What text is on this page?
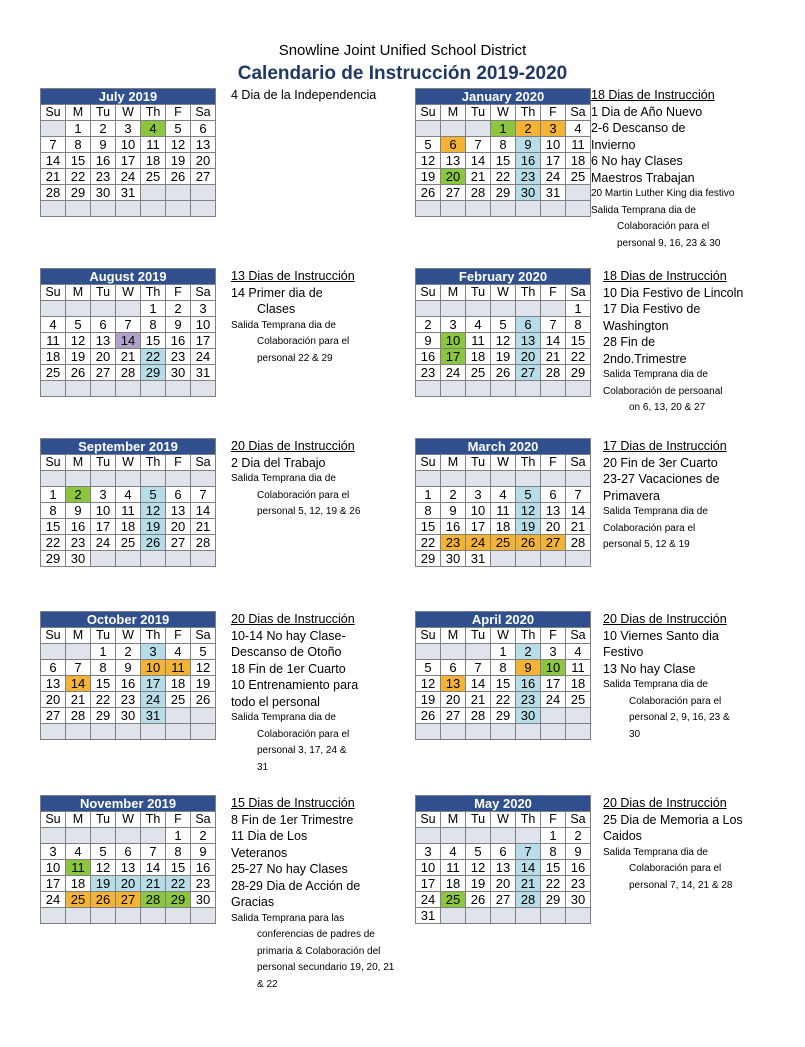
Snowline Joint Unified School District
Calendario de Instrucción 2019-2020
July 2019						
Su	M	Tu	W	Th	F	Sa
	1	2	3	4	5	6
7	8	9	10	11	12	13
14	15	16	17	18	19	20
21	22	23	24	25	26	27
28	29	30	31			

August 2019						
Su	M	Tu	W	Th	F	Sa
				1	2	3
4	5	6	7	8	9	10
11	12	13	14	15	16	17
18	19	20	21	22	23	24
25	26	27	28	29	30	31

September 2019						
Su	M	Tu	W	Th	F	Sa

1	2	3	4	5	6	7
8	9	10	11	12	13	14
15	16	17	18	19	20	21
22	23	24	25	26	27	28
29	30					
October 2019						
Su	M	Tu	W	Th	F	Sa
		1	2	3	4	5
6	7	8	9	10	11	12
13	14	15	16	17	18	19
20	21	22	23	24	25	26
27	28	29	30	31		

November 2019						
Su	M	Tu	W	Th	F	Sa
					1	2
3	4	5	6	7	8	9
10	11	12	13	14	15	16
17	18	19	20	21	22	23
24	25	26	27	28	29	30

January 2020						
Su	M	Tu	W	Th	F	Sa
			1	2	3	4
5	6	7	8	9	10	11
12	13	14	15	16	17	18
19	20	21	22	23	24	25
26	27	28	29	30	31	

February 2020						
Su	M	Tu	W	Th	F	Sa
						1
2	3	4	5	6	7	8
9	10	11	12	13	14	15
16	17	18	19	20	21	22
23	24	25	26	27	28	29

March 2020						
Su	M	Tu	W	Th	F	Sa

1	2	3	4	5	6	7
8	9	10	11	12	13	14
15	16	17	18	19	20	21
22	23	24	25	26	27	28
29	30	31				
April 2020						
Su	M	Tu	W	Th	F	Sa
			1	2	3	4
5	6	7	8	9	10	11
12	13	14	15	16	17	18
19	20	21	22	23	24	25
26	27	28	29	30		

May 2020						
Su	M	Tu	W	Th	F	Sa
					1	2
3	4	5	6	7	8	9
10	11	12	13	14	15	16
17	18	19	20	21	22	23
24	25	26	27	28	29	30
31						
4 Dia de la Independencia
13 Dias de Instrucción
14 Primer dia de
Clases
Salida Temprana dia de
Colaboración para el
personal 22 & 29
20 Dias de Instrucción
2 Dia del Trabajo
Salida Temprana dia de
Colaboración para el
personal 5, 12, 19 & 26
20 Dias de Instrucción
10-14 No hay Clase-
Descanso de Otoño
18 Fin de 1er Cuarto
10 Entrenamiento para
todo el personal
Salida Temprana dia de
Colaboración para el
personal 3, 17, 24 &
31
15 Dias de Instrucción
8 Fin de 1er Trimestre
11 Dia de Los
Veteranos
25-27 No hay Clases
28-29 Dia de Acción de
Gracias
Salida Temprana para las
conferencias de padres de
primaria & Colaboración del
personal secundario 19, 20, 21
& 22
18 Dias de Instrucción
1 Dia de Año Nuevo
2-6 Descanso de
Invierno
6 No hay Clases
Maestros Trabajan
20 Martin Luther King dia festivo
Salida Temprana dia de
Colaboración para el
personal 9, 16, 23 & 30
18 Dias de Instrucción
10 Dia Festivo de Lincoln
17 Dia Festivo de
Washington
28 Fin de
2ndo.Trimestre
Salida Temprana dia de
Colaboración de persoanal
on 6, 13, 20 & 27
17 Dias de Instrucción
20 Fin de 3er Cuarto
23-27 Vacaciones de
Primavera
Salida Temprana dia de
Colaboración para el
personal 5, 12 & 19
20 Dias de Instrucción
10 Viernes Santo dia
Festivo
13 No hay Clase
Salida Temprana dia de
Colaboración para el
personal 2, 9, 16, 23 &
30
20 Dias de Instrucción
25 Dia de Memoria a Los
Caidos
Salida Temprana dia de
Colaboración para el
personal 7, 14, 21 & 28
